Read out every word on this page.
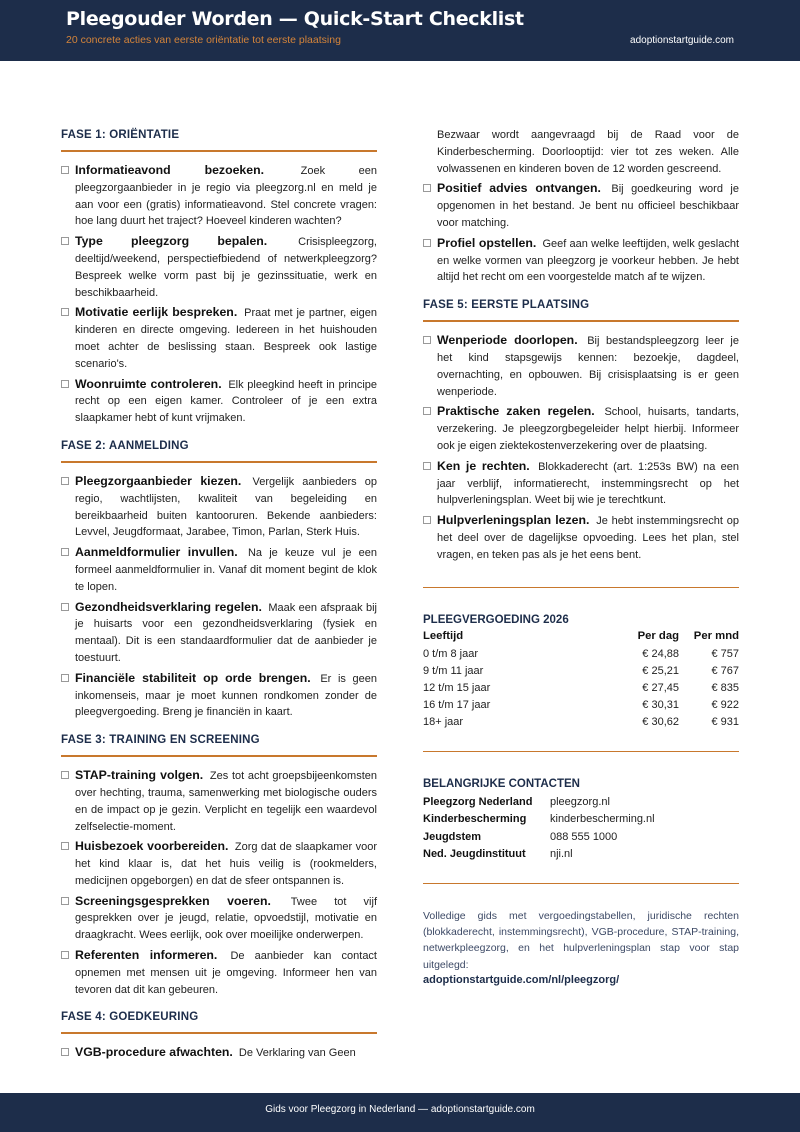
Pleegouder Worden — Quick-Start Checklist
20 concrete acties van eerste oriëntatie tot eerste plaatsing	adoptionstartguide.com
FASE 1: ORIËNTATIE
Informatieavond bezoeken.	Zoek een pleegzorgaanbieder in je regio via pleegzorg.nl en meld je aan voor een (gratis) informatieavond. Stel concrete vragen: hoe lang duurt het traject? Hoeveel kinderen wachten?
Type pleegzorg bepalen.	Crisispleegzorg, deeltijd/weekend, perspectiefbiedend of netwerkpleegzorg? Bespreek welke vorm past bij je gezinssituatie, werk en beschikbaarheid.
Motivatie eerlijk bespreken. Praat met je partner, eigen kinderen en directe omgeving. Iedereen in het huishouden moet achter de beslissing staan. Bespreek ook lastige scenario's.
Woonruimte controleren. Elk pleegkind heeft in principe recht op een eigen kamer. Controleer of je een extra slaapkamer hebt of kunt vrijmaken.
FASE 2: AANMELDING
Pleegzorgaanbieder kiezen. Vergelijk aanbieders op regio, wachtlijsten, kwaliteit van begeleiding en bereikbaarheid buiten kantooruren. Bekende aanbieders: Levvel, Jeugdformaat, Jarabee, Timon, Parlan, Sterk Huis.
Aanmeldformulier invullen. Na je keuze vul je een formeel aanmeldformulier in. Vanaf dit moment begint de klok te lopen.
Gezondheidsverklaring regelen. Maak een afspraak bij je huisarts voor een gezondheidsverklaring (fysiek en mentaal). Dit is een standaardformulier dat de aanbieder je toestuurt.
Financiële stabiliteit op orde brengen. Er is geen inkomenseis, maar je moet kunnen rondkomen zonder de pleegvergoeding. Breng je financiën in kaart.
FASE 3: TRAINING EN SCREENING
STAP-training volgen. Zes tot acht groepsbijeenkomsten over hechting, trauma, samenwerking met biologische ouders en de impact op je gezin. Verplicht en tegelijk een waardevol zelfselectie-moment.
Huisbezoek voorbereiden. Zorg dat de slaapkamer voor het kind klaar is, dat het huis veilig is (rookmelders, medicijnen opgeborgen) en dat de sfeer ontspannen is.
Screeningsgesprekken voeren. Twee tot vijf gesprekken over je jeugd, relatie, opvoedstijl, motivatie en draagkracht. Wees eerlijk, ook over moeilijke onderwerpen.
Referenten informeren. De aanbieder kan contact opnemen met mensen uit je omgeving. Informeer hen van tevoren dat dit kan gebeuren.
FASE 4: GOEDKEURING
VGB-procedure afwachten. De Verklaring van Geen
Bezwaar wordt aangevraagd bij de Raad voor de Kinderbescherming. Doorlooptijd: vier tot zes weken. Alle volwassenen en kinderen boven de 12 worden gescreend.
Positief advies ontvangen. Bij goedkeuring word je opgenomen in het bestand. Je bent nu officieel beschikbaar voor matching.
Profiel opstellen. Geef aan welke leeftijden, welk geslacht en welke vormen van pleegzorg je voorkeur hebben. Je hebt altijd het recht om een voorgestelde match af te wijzen.
FASE 5: EERSTE PLAATSING
Wenperiode doorlopen. Bij bestandspleegzorg leer je het kind stapsgewijs kennen: bezoekje, dagdeel, overnachting, en opbouwen. Bij crisisplaatsing is er geen wenperiode.
Praktische zaken regelen. School, huisarts, tandarts, verzekering. Je pleegzorgbegeleider helpt hierbij. Informeer ook je eigen ziektekostenverzekering over de plaatsing.
Ken je rechten. Blokkaderecht (art. 1:253s BW) na een jaar verblijf, informatierecht, instemmingsrecht op het hulpverleningsplan. Weet bij wie je terechtkunt.
Hulpverleningsplan lezen. Je hebt instemmingsrecht op het deel over de dagelijkse opvoeding. Lees het plan, stel vragen, en teken pas als je het eens bent.
PLEEGVERGOEDING 2026
Leeftijd	Per dag	Per mnd
0 t/m 8 jaar	€ 24,88	€ 757
9 t/m 11 jaar	€ 25,21	€ 767
12 t/m 15 jaar	€ 27,45	€ 835
16 t/m 17 jaar	€ 30,31	€ 922
18+ jaar	€ 30,62	€ 931
BELANGRIJKE CONTACTEN
Pleegzorg Nederland	pleegzorg.nl
Kinderbescherming	kinderbescherming.nl
Jeugdstem	088 555 1000
Ned. Jeugdinstituut	nji.nl
Volledige gids met vergoedingstabellen, juridische rechten (blokkaderecht, instemmingsrecht), VGB-procedure, STAP-training, netwerkpleegzorg, en het hulpverleningsplan stap voor stap uitgelegd:
adoptionstartguide.com/nl/pleegzorg/
Gids voor Pleegzorg in Nederland — adoptionstartguide.com
